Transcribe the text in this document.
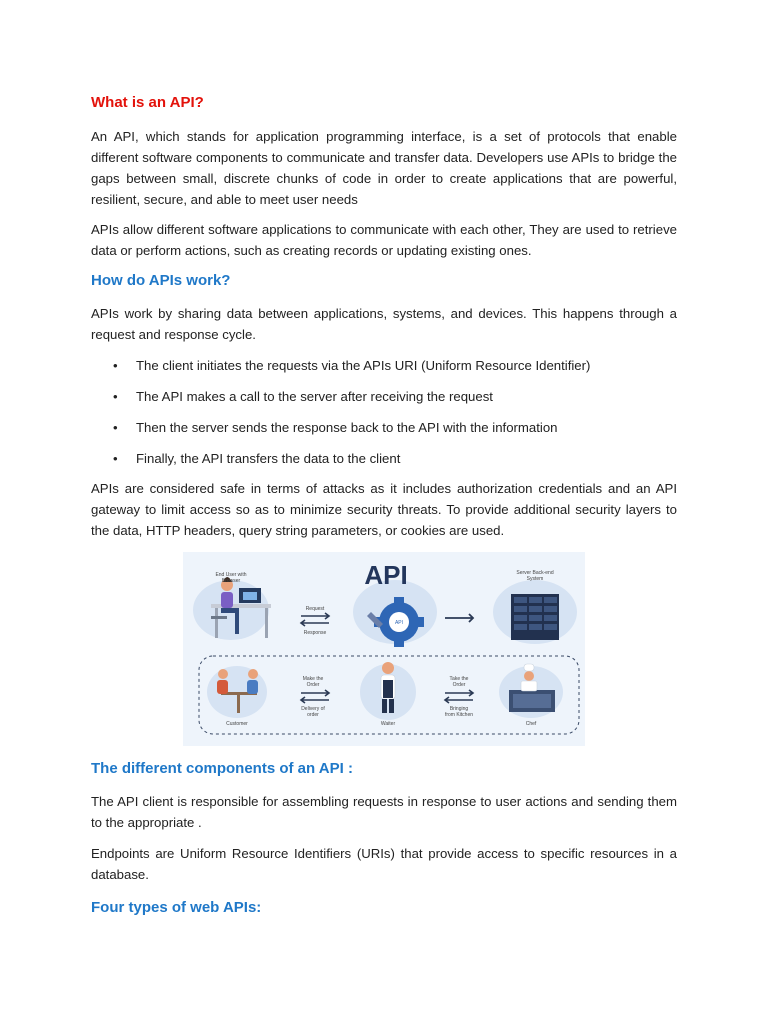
What is an API?

An API, which stands for application programming interface, is a set of protocols that enable different software components to communicate and transfer data. Developers use APIs to bridge the gaps between small, discrete chunks of code in order to create applications that are powerful, resilient, secure, and able to meet user needs

APIs allow different software applications to communicate with each other, They are used to retrieve data or perform actions, such as creating records or updating existing ones.

How do APIs work?

APIs work by sharing data between applications, systems, and devices. This happens through a request and response cycle.

• The client initiates the requests via the APIs URI (Uniform Resource Identifier)
• The API makes a call to the server after receiving the request
• Then the server sends the response back to the API with the information
• Finally, the API transfers the data to the client

APIs are considered safe in terms of attacks as it includes authorization credentials and an API gateway to limit access so as to minimize security threats. To provide additional security layers to the data, HTTP headers, query string parameters, or cookies are used.

End User with
Browser
Request
Response
API
API
Server Back-end
System
Customer
Make the
Order
Delivery of
order
Waiter
Take the
Order
Bringing
from Kitchen
Chef
The different components of an API :

The API client is responsible for assembling requests in response to user actions and sending them to the appropriate .

Endpoints are Uniform Resource Identifiers (URIs) that provide access to specific resources in a database.

Four types of web APIs:
